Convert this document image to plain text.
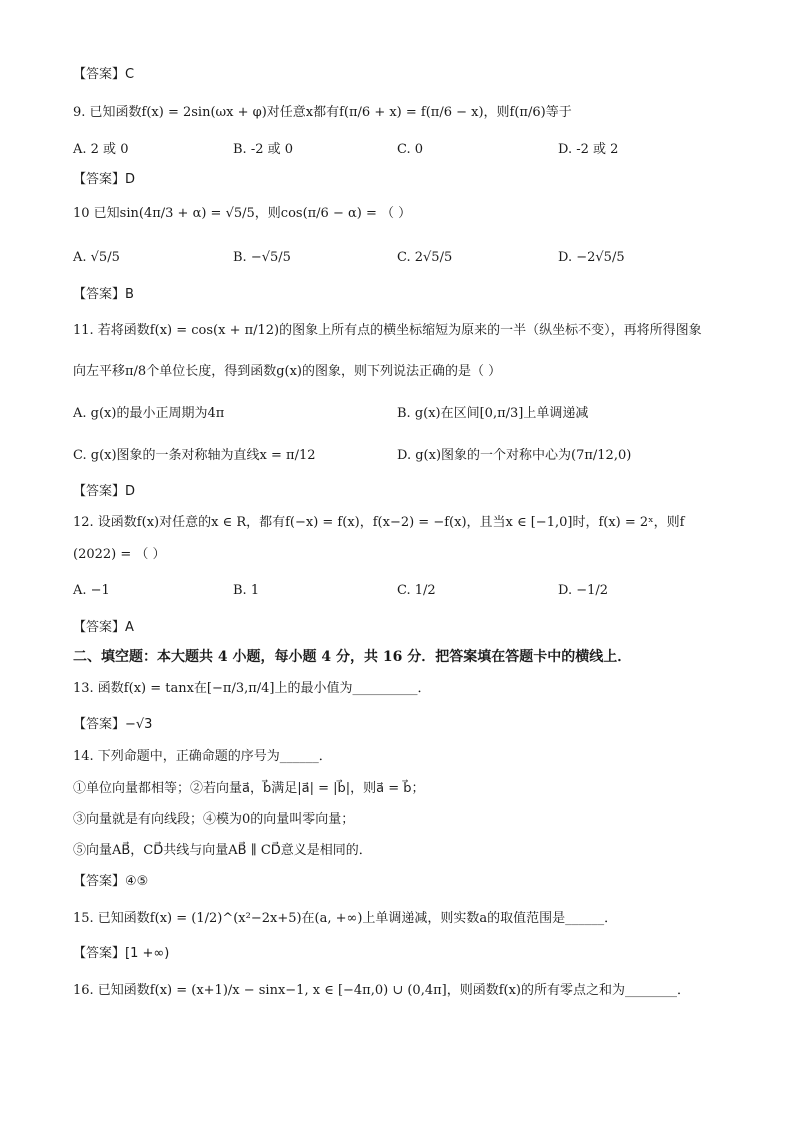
【答案】C
9. 已知函数f(x) = 2sin(ωx + φ)对任意x都有f(π/6 + x) = f(π/6 − x)，则f(π/6)等于
A. 2 或 0	B. -2 或 0	C. 0	D. -2 或 2
【答案】D
10 已知sin(4π/3 + α) = √5/5，则cos(π/6 − α) = （ ）
A. √5/5	B. −√5/5	C. 2√5/5	D. −2√5/5
【答案】B
11. 若将函数f(x) = cos(x + π/12)的图象上所有点的横坐标缩短为原来的一半（纵坐标不变），再将所得图象
向左平移π/8个单位长度，得到函数g(x)的图象，则下列说法正确的是（ ）
A. g(x)的最小正周期为4π	B. g(x)在区间[0,π/3]上单调递减
C. g(x)图象的一条对称轴为直线x = π/12	D. g(x)图象的一个对称中心为(7π/12,0)
【答案】D
12. 设函数f(x)对任意的x ∈ R，都有f(−x) = f(x)，f(x−2) = −f(x)，且当x ∈ [−1,0]时，f(x) = 2ˣ，则f
(2022) = （ ）
A. −1	B. 1	C. 1/2	D. −1/2
【答案】A
二、填空题：本大题共 4 小题，每小题 4 分，共 16 分．把答案填在答题卡中的横线上．
13. 函数f(x) = tanx在[−π/3,π/4]上的最小值为__________．
【答案】−√3
14. 下列命题中，正确命题的序号为______．
①单位向量都相等；②若向量a⃗，b⃗满足|a⃗| = |b⃗|，则a⃗ = b⃗；
③向量就是有向线段；④模为0的向量叫零向量；
⑤向量AB⃗，CD⃗共线与向量AB⃗ ∥ CD⃗意义是相同的．
【答案】④⑤
15. 已知函数f(x) = (1/2)^(x²−2x+5)在(a, +∞)上单调递减，则实数a的取值范围是______．
【答案】[1 +∞)
16. 已知函数f(x) = (x+1)/x − sinx−1, x ∈ [−4π,0) ∪ (0,4π]，则函数f(x)的所有零点之和为________．
